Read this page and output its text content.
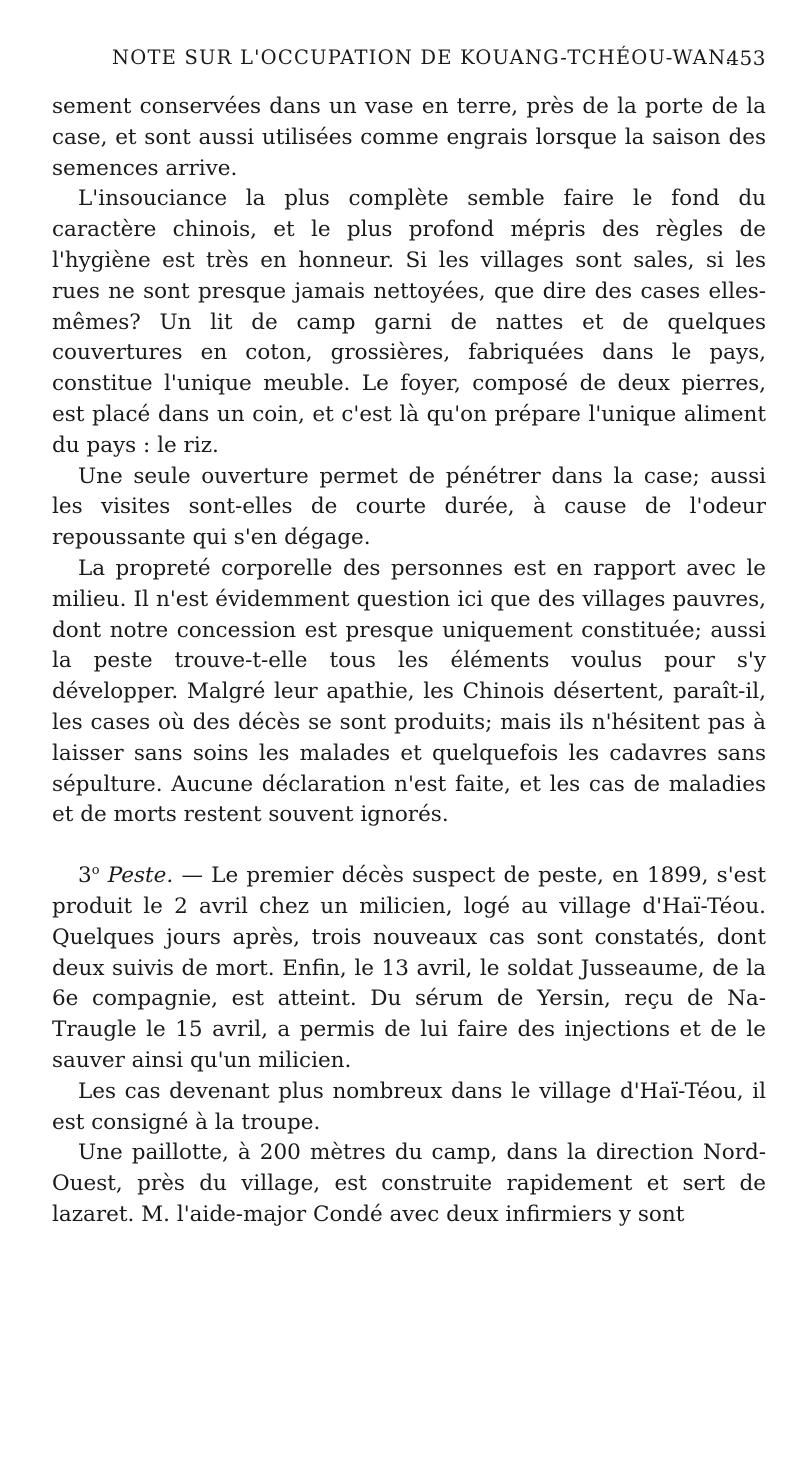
NOTE SUR L'OCCUPATION DE KOUANG-TCHÉOU-WAN.
453

sement conservées dans un vase en terre, près de la porte de la case, et sont aussi utilisées comme engrais lorsque la saison des semences arrive.

L'insouciance la plus complète semble faire le fond du caractère chinois, et le plus profond mépris des règles de l'hygiène est très en honneur. Si les villages sont sales, si les rues ne sont presque jamais nettoyées, que dire des cases elles-mêmes? Un lit de camp garni de nattes et de quelques couvertures en coton, grossières, fabriquées dans le pays, constitue l'unique meuble. Le foyer, composé de deux pierres, est placé dans un coin, et c'est là qu'on prépare l'unique aliment du pays : le riz.

Une seule ouverture permet de pénétrer dans la case; aussi les visites sont-elles de courte durée, à cause de l'odeur repoussante qui s'en dégage.

La propreté corporelle des personnes est en rapport avec le milieu. Il n'est évidemment question ici que des villages pauvres, dont notre concession est presque uniquement constituée; aussi la peste trouve-t-elle tous les éléments voulus pour s'y développer. Malgré leur apathie, les Chinois désertent, paraît-il, les cases où des décès se sont produits; mais ils n'hésitent pas à laisser sans soins les malades et quelquefois les cadavres sans sépulture. Aucune déclaration n'est faite, et les cas de maladies et de morts restent souvent ignorés.

3$^o$ Peste. — Le premier décès suspect de peste, en 1899, s'est produit le 2 avril chez un milicien, logé au village d'Haï-Téou. Quelques jours après, trois nouveaux cas sont constatés, dont deux suivis de mort. Enfin, le 13 avril, le soldat Jusseaume, de la 6e compagnie, est atteint. Du sérum de Yersin, reçu de Na-Traugle le 15 avril, a permis de lui faire des injections et de le sauver ainsi qu'un milicien.

Les cas devenant plus nombreux dans le village d'Haï-Téou, il est consigné à la troupe.

Une paillotte, à 200 mètres du camp, dans la direction Nord-Ouest, près du village, est construite rapidement et sert de lazaret. M. l'aide-major Condé avec deux infirmiers y sont
